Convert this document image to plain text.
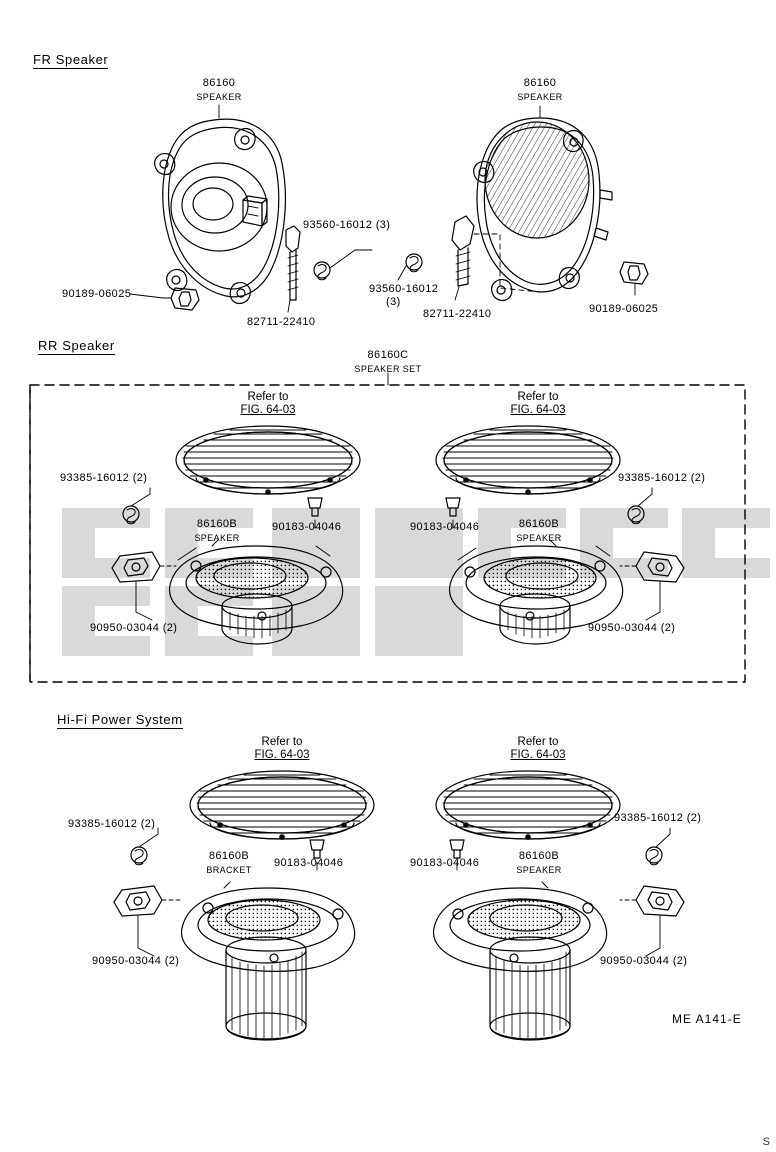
FR Speaker
RR Speaker
Hi-Fi Power System
86160
SPEAKER
86160
SPEAKER
90189-06025
93560-16012 (3)
82711-22410
93560-16012
(3)
82711-22410	90189-06025
86160C
SPEAKER SET
Refer to
FIG. 64-03
Refer to
FIG. 64-03
93385-16012 (2)
86160B
SPEAKER
90183-04046
90950-03044 (2)
93385-16012 (2)
86160B
SPEAKER
90183-04046
90950-03044 (2)
Refer to
FIG. 64-03
Refer to
FIG. 64-03
93385-16012 (2)
86160B
BRACKET
90183-04046
90950-03044 (2)
93385-16012 (2)
86160B
SPEAKER
90183-04046
90950-03044 (2)
ME A141-E
S
